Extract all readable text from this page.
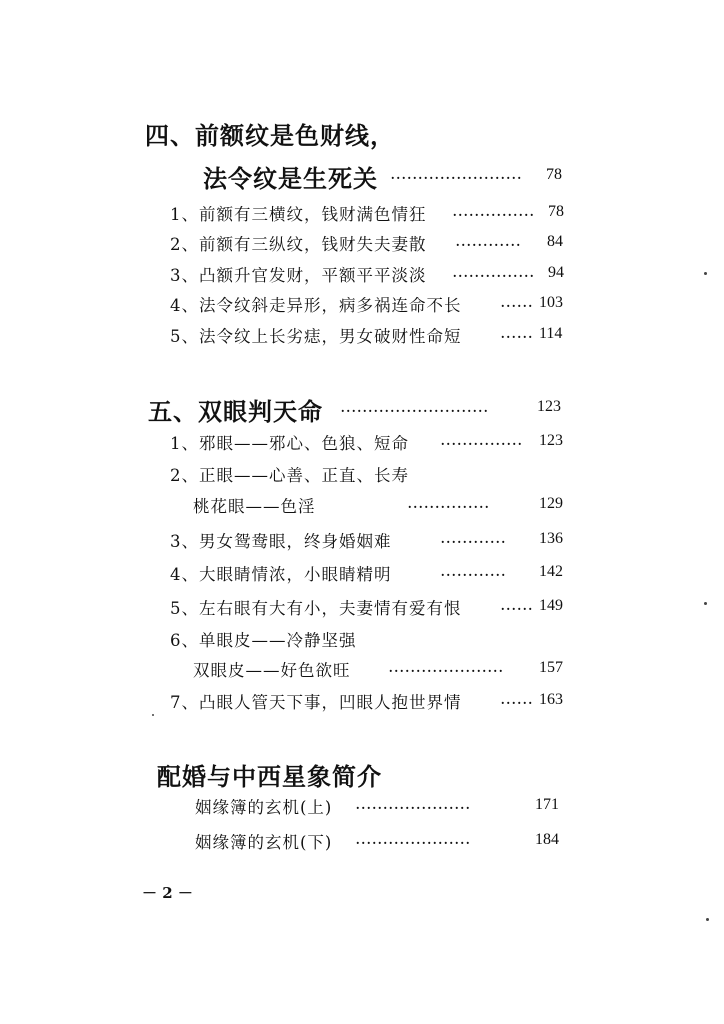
四、前额纹是色财线，
法令纹是生死关 …………………… 78
1、前额有三横纹，钱财满色情狂 …………… 78
2、前额有三纵纹，钱财失夫妻散 ………… 84
3、凸额升官发财，平额平平淡淡 …………… 94
4、法令纹斜走异形，病多祸连命不长 …… 103
5、法令纹上长劣痣，男女破财性命短 …… 114
五、双眼判天命 ………………………	123
1、邪眼——邪心、色狼、短命 …………… 123
2、正眼——心善、正直、长寿
桃花眼——色淫	……………	129
3、男女鸳鸯眼，终身婚姻难	………… 136
4、大眼睛情浓，小眼睛精明	………… 142
5、左右眼有大有小，夫妻情有爱有恨 …… 149
6、单眼皮——冷静坚强
双眼皮——好色欲旺 ………………… 157
7、凸眼人管天下事，凹眼人抱世界情 …… 163
配婚与中西星象简介
姻缘簿的玄机(上) …………………	171
姻缘簿的玄机(下) …………………	184
－ 2 －
